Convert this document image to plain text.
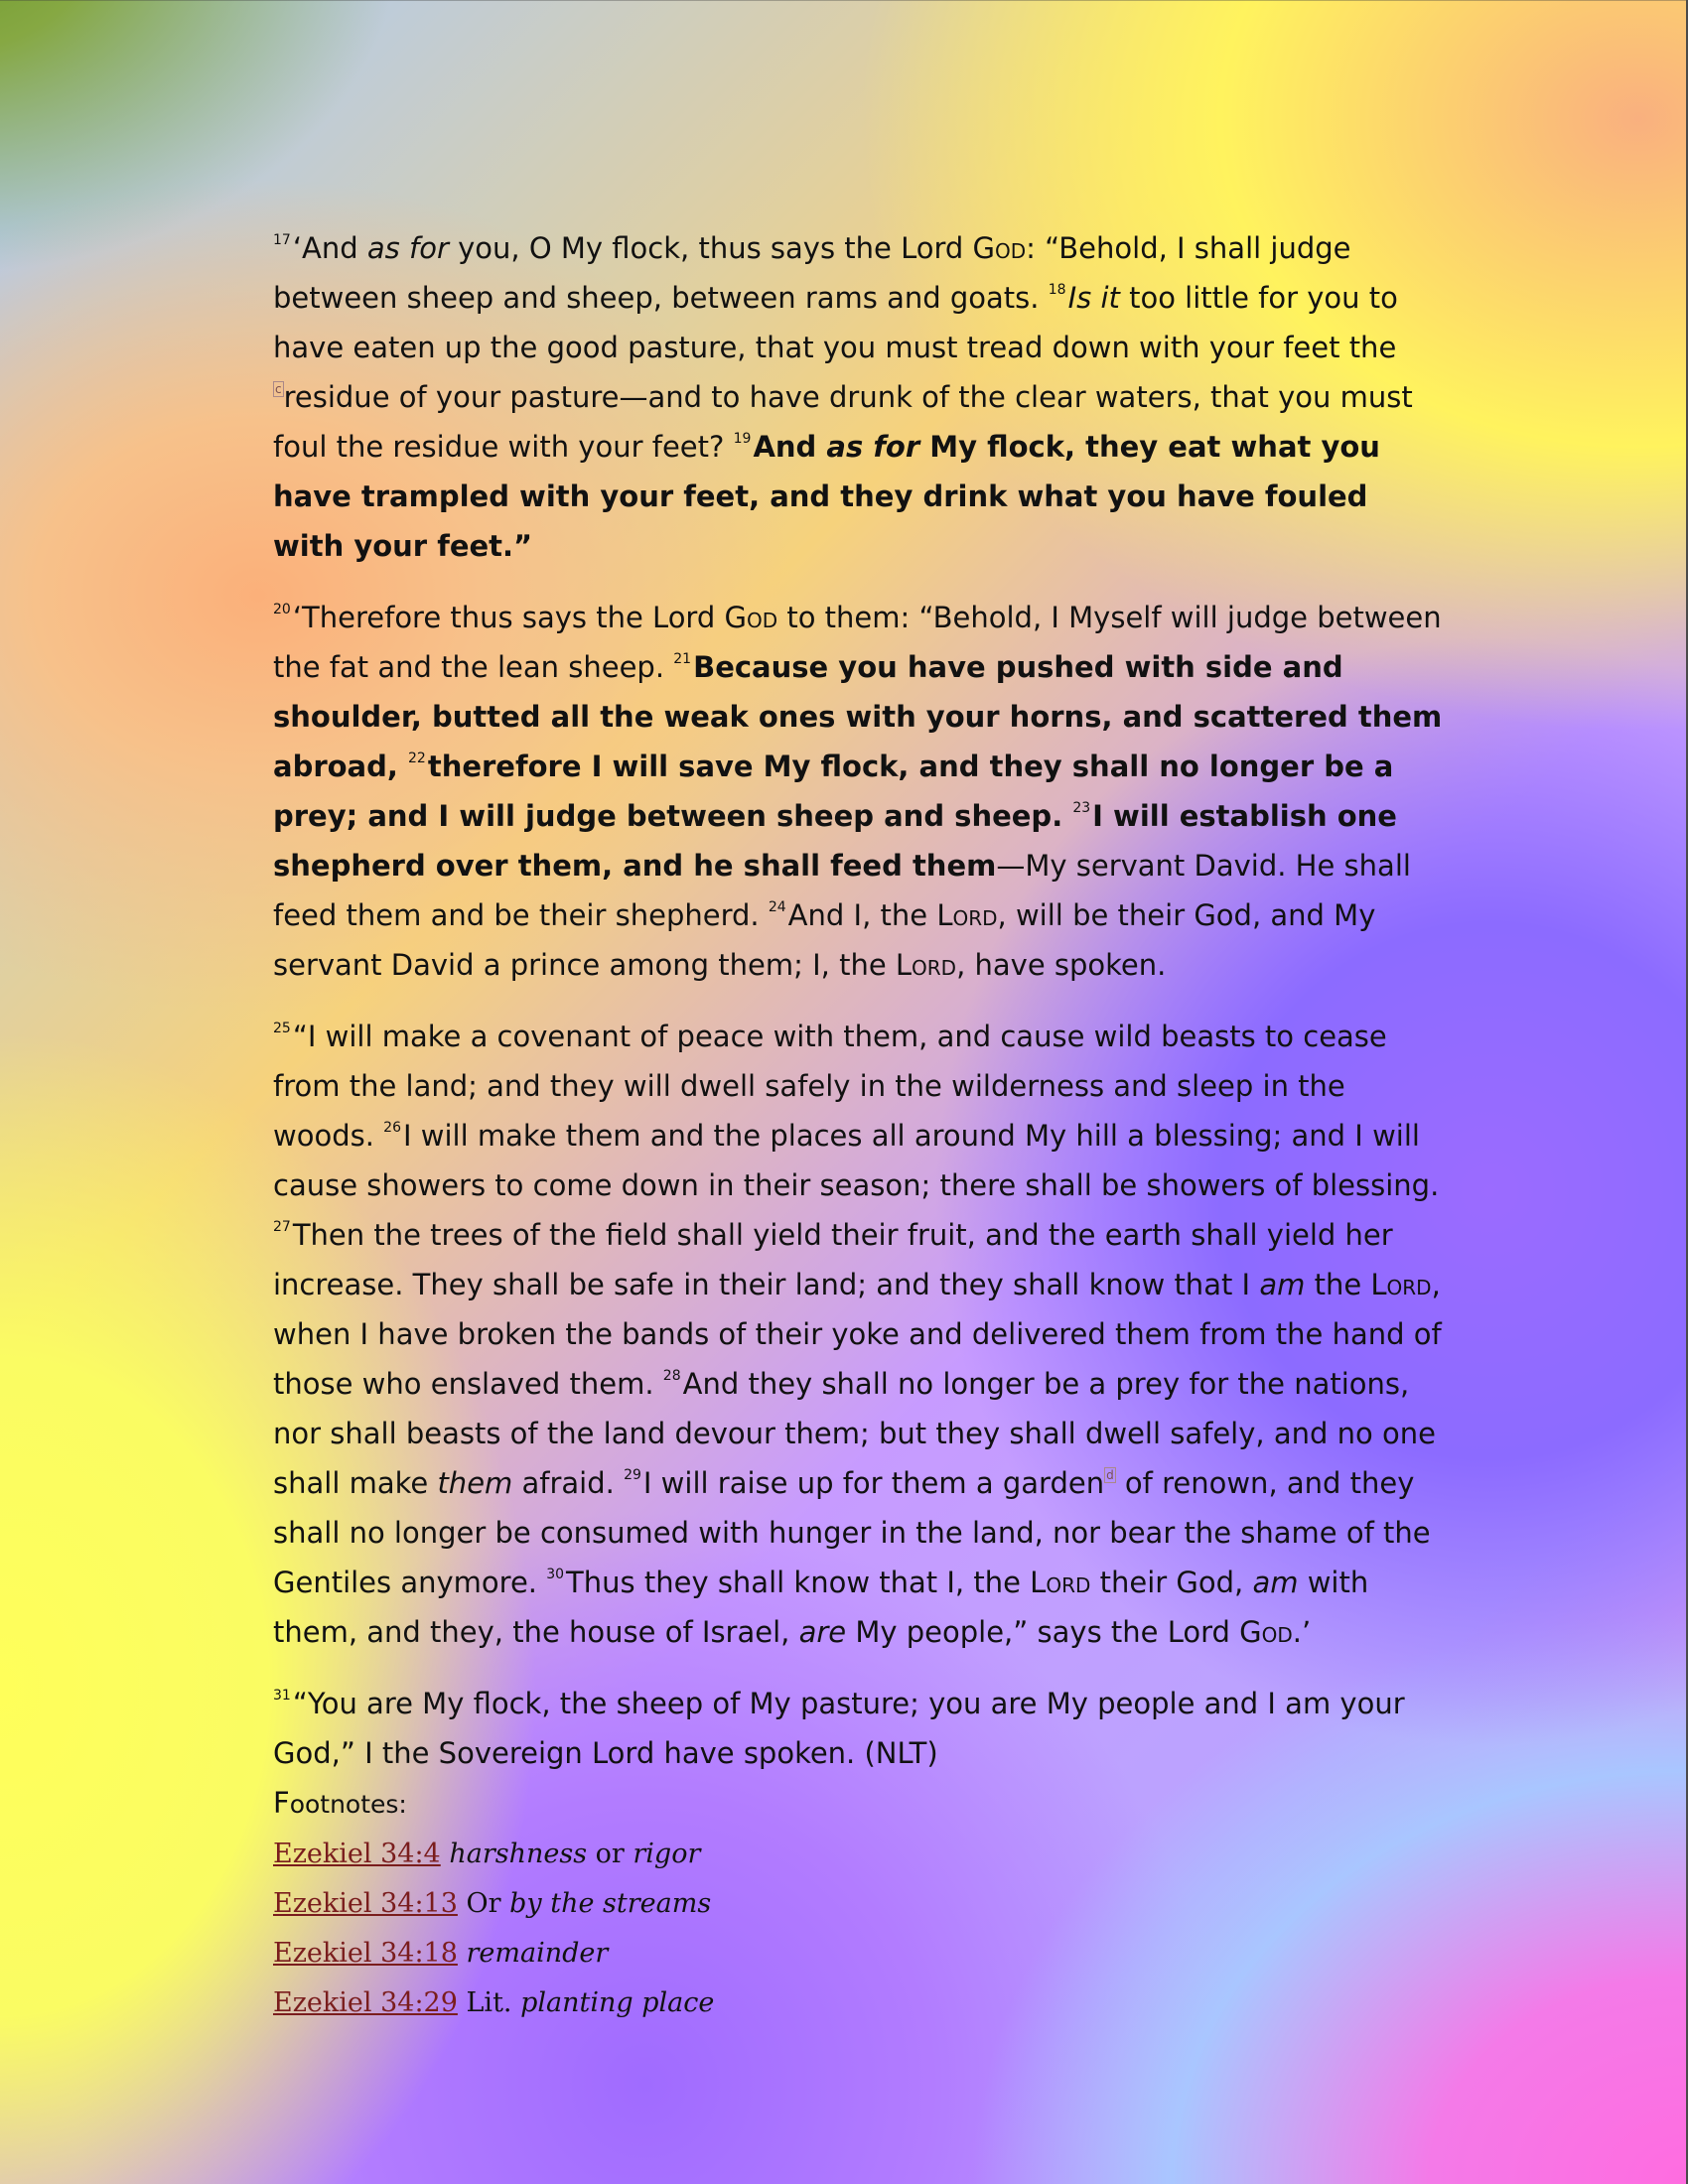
$^{17}$‘And as for you, O My flock, thus says the Lord God: “Behold, I shall judge between sheep and sheep, between rams and goats. $^{18}$Is it too little for you to have eaten up the good pasture, that you must tread down with your feet the $^c$residue of your pasture—and to have drunk of the clear waters, that you must foul the residue with your feet? $^{19}$And as for My flock, they eat what you have trampled with your feet, and they drink what you have fouled with your feet.”

$^{20}$‘Therefore thus says the Lord God to them: “Behold, I Myself will judge between the fat and the lean sheep. $^{21}$Because you have pushed with side and shoulder, butted all the weak ones with your horns, and scattered them abroad, $^{22}$therefore I will save My flock, and they shall no longer be a prey; and I will judge between sheep and sheep. $^{23}$I will establish one shepherd over them, and he shall feed them—My servant David. He shall feed them and be their shepherd. $^{24}$And I, the Lord, will be their God, and My servant David a prince among them; I, the Lord, have spoken.

$^{25}$“I will make a covenant of peace with them, and cause wild beasts to cease from the land; and they will dwell safely in the wilderness and sleep in the woods. $^{26}$I will make them and the places all around My hill a blessing; and I will cause showers to come down in their season; there shall be showers of blessing. $^{27}$Then the trees of the field shall yield their fruit, and the earth shall yield her increase. They shall be safe in their land; and they shall know that I am the Lord, when I have broken the bands of their yoke and delivered them from the hand of those who enslaved them. $^{28}$And they shall no longer be a prey for the nations, nor shall beasts of the land devour them; but they shall dwell safely, and no one shall make them afraid. $^{29}$I will raise up for them a garden $^d$ of renown, and they shall no longer be consumed with hunger in the land, nor bear the shame of the Gentiles anymore. $^{30}$Thus they shall know that I, the Lord their God, am with them, and they, the house of Israel, are My people,” says the Lord God.’

$^{31}$“You are My flock, the sheep of My pasture; you are My people and I am your God,” I the Sovereign Lord have spoken. (NLT)

Footnotes:

Ezekiel 34:4 harshness or rigor

Ezekiel 34:13 Or by the streams

Ezekiel 34:18 remainder

Ezekiel 34:29 Lit. planting place
